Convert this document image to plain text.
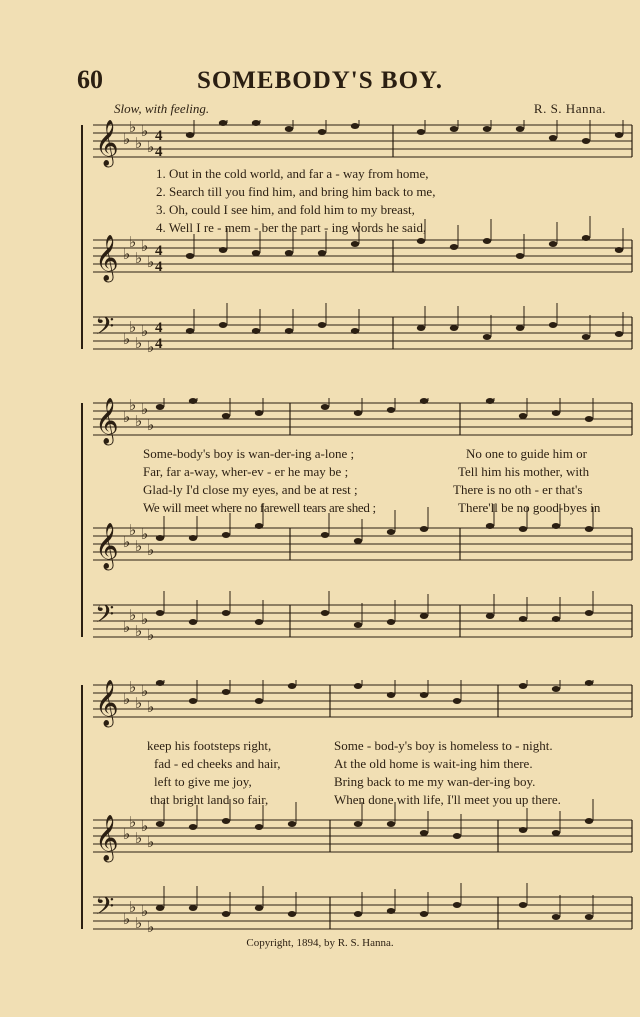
60	SOMEBODY'S BOY.
Slow, with feeling.	R. S. Hanna.
𝄞 ♭
♭
♭
♭
♭
4
4
𝄞 ♭
♭
♭
♭
♭
4
4
𝄢 ♭
♭
♭
♭
♭
4
4
1. Out in the cold world, and far a - way from home,
2. Search till you find him, and bring him back to me,
3. Oh, could I see him, and fold him to my breast,
4. Well I re - mem - ber the part - ing words he said,
𝄞 ♭
♭
♭
♭
♭
𝄞 ♭
♭
♭
♭
♭
𝄢 ♭
♭
♭
♭
♭
Some-body's boy is wan-der-ing a-lone ;	No one to guide him or
Far, far a-way, wher-ev - er he may be ;	Tell him his mother, with
Glad-ly I'd close my eyes, and be at rest ;	There is no oth - er that's
We will meet where no farewell tears are shed ;	There'll be no good-byes in
𝄞 ♭
♭
♭
♭
♭
𝄞 ♭
♭
♭
♭
♭
𝄢 ♭
♭
♭
♭
♭
keep his footsteps right,	Some - bod-y's boy is homeless to - night.
fad - ed cheeks and hair,	At the old home is wait-ing him there.
left to give me joy,	Bring back to me my wan-der-ing boy.
that bright land so fair,	When done with life, I'll meet you up there.
Copyright, 1894, by R. S. Hanna.
